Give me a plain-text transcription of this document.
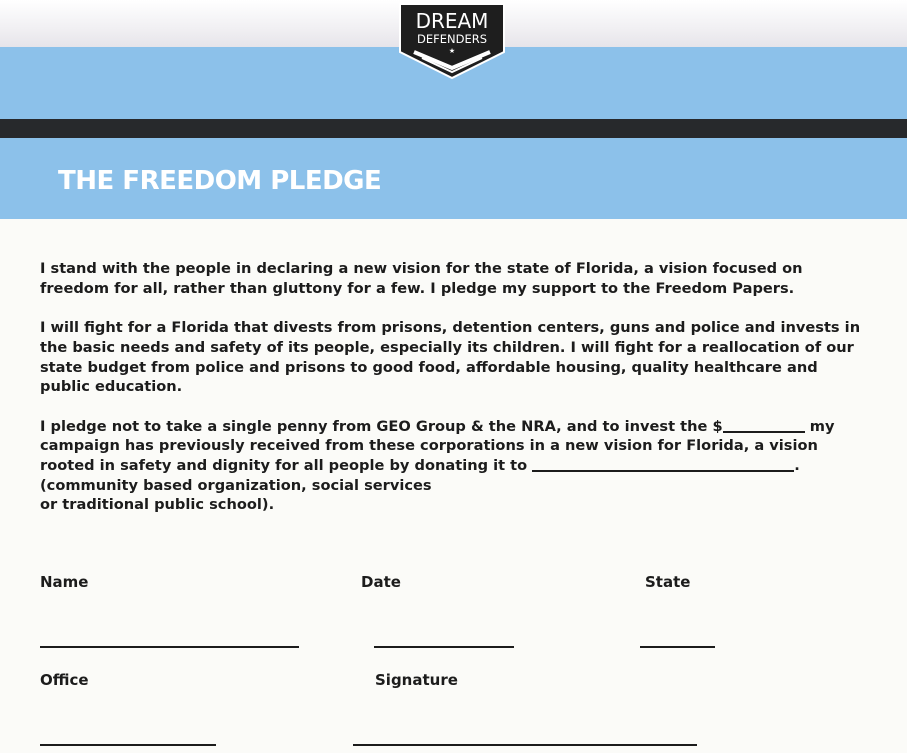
DREAM
DEFENDERS
★
THE FREEDOM PLEDGE

I stand with the people in declaring a new vision for the state of Florida, a vision focused on freedom for all, rather than gluttony for a few. I pledge my support to the Freedom Papers.

I will fight for a Florida that divests from prisons, detention centers, guns and police and invests in the basic needs and safety of its people, especially its children. I will fight for a reallocation of our state budget from police and prisons to good food, affordable housing, quality healthcare and public education.

I pledge not to take a single penny from GEO Group & the NRA, and to invest the $	my campaign has previously received from these corporations in a new vision for Florida, a vision rooted in safety and dignity for all people by donating it to	.(community based organization, social services
or traditional public school).

Name	Date	State
Office	Signature
